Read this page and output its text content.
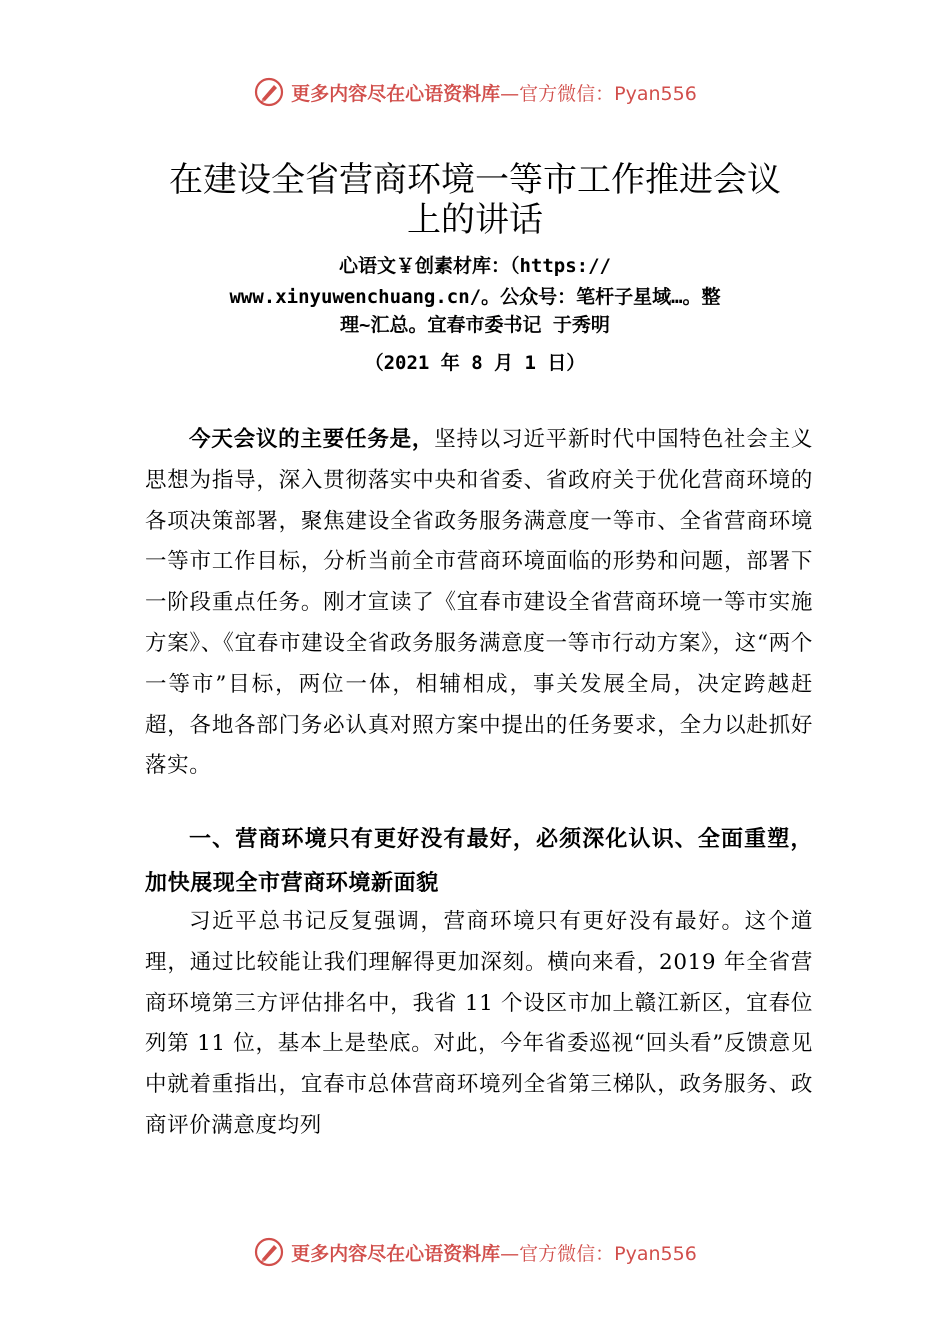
更多内容尽在心语资料库—官方微信：Pyan556
在建设全省营商环境一等市工作推进会议
上的讲话
心语文￥创素材库：（https://
www.xinyuwenchuang.cn/。公众号：笔杆子星域…。整
理~汇总。宜春市委书记 于秀明
（2021 年 8 月 1 日）
今天会议的主要任务是，坚持以习近平新时代中国特色社会主义思想为指导，深入贯彻落实中央和省委、省政府关于优化营商环境的各项决策部署，聚焦建设全省政务服务满意度一等市、全省营商环境一等市工作目标，分析当前全市营商环境面临的形势和问题，部署下一阶段重点任务。刚才宣读了《宜春市建设全省营商环境一等市实施方案》、《宜春市建设全省政务服务满意度一等市行动方案》，这“两个一等市”目标，两位一体，相辅相成，事关发展全局，决定跨越赶超，各地各部门务必认真对照方案中提出的任务要求，全力以赴抓好落实。
一、营商环境只有更好没有最好，必须深化认识、全面重塑，加快展现全市营商环境新面貌
习近平总书记反复强调，营商环境只有更好没有最好。这个道理，通过比较能让我们理解得更加深刻。横向来看，2019 年全省营商环境第三方评估排名中，我省 11 个设区市加上赣江新区，宜春位列第 11 位，基本上是垫底。对此，今年省委巡视“回头看”反馈意见中就着重指出，宜春市总体营商环境列全省第三梯队，政务服务、政商评价满意度均列
更多内容尽在心语资料库—官方微信：Pyan556
